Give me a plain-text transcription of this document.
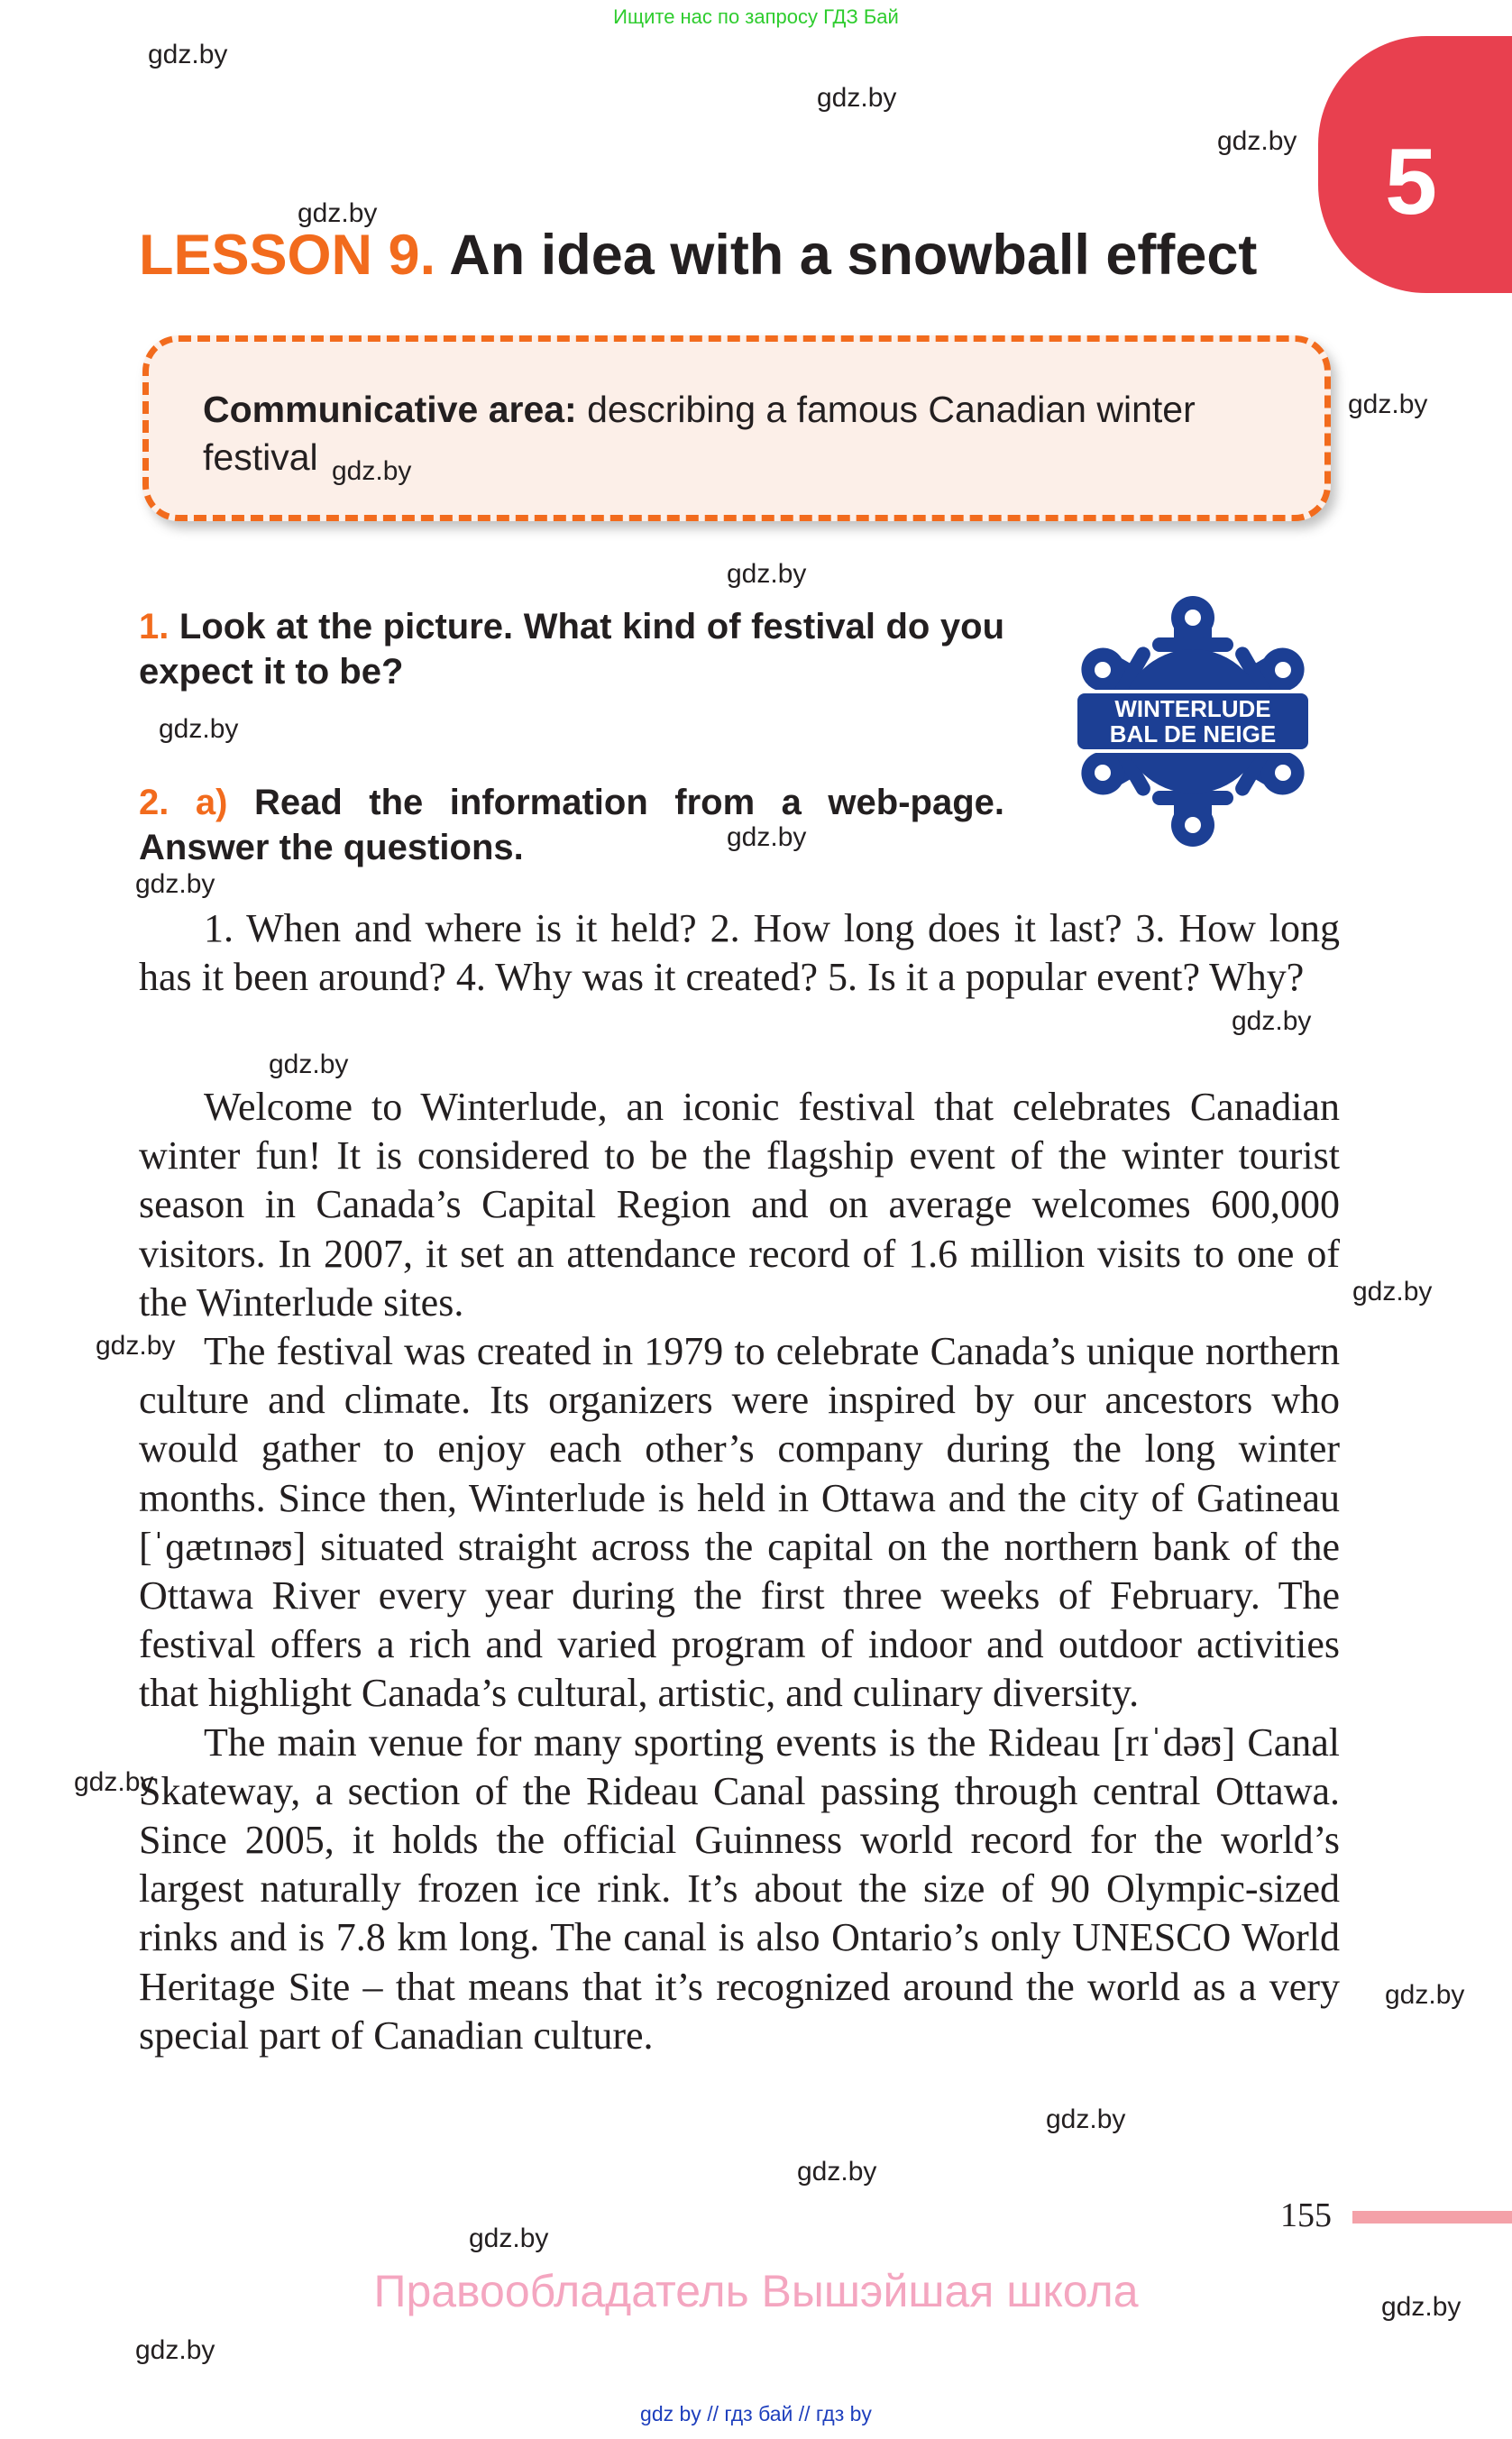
Ищите нас по запросу ГДЗ Бай
5
LESSON 9. An idea with a snowball effect
Communicative area: describing a famous Canadian winter festival
1. Look at the picture. What kind of festival do you expect it to be?
WINTERLUDE
BAL DE NEIGE
2. a) Read the information from a web-page. Answer the questions.

1. When and where is it held? 2. How long does it last? 3. How long has it been around? 4. Why was it created? 5. Is it a popular event? Why?

Welcome to Winterlude, an iconic festival that celebrates Canadian winter fun! It is considered to be the flagship event of the winter tourist season in Canada’s Capital Region and on average welcomes 600,000 visitors. In 2007, it set an attendance record of 1.6 million visits to one of the Winterlude sites.

The festival was created in 1979 to celebrate Canada’s unique northern culture and climate. Its organizers were inspired by our ancestors who would gather to enjoy each other’s company during the long winter months. Since then, Winterlude is held in Ottawa and the city of Gatineau [ˈɡætɪnəʊ] situated straight across the capital on the northern bank of the Ottawa River every year during the first three weeks of February. The festival offers a rich and varied program of indoor and outdoor activities that highlight Canada’s cultural, artistic, and culinary diversity.

The main venue for many sporting events is the Rideau [rɪˈdəʊ] Canal Skateway, a section of the Rideau Canal passing through central Ottawa. Since 2005, it holds the official Guinness world record for the world’s largest naturally frozen ice rink. It’s about the size of 90 Olympic-sized rinks and is 7.8 km long. The canal is also Ontario’s only UNESCO World Heritage Site – that means that it’s recognized around the world as a very special part of Canadian culture.

155
Правообладатель Вышэйшая школа
gdz by // гдз бай // гдз by
gdz.by
gdz.by
gdz.by
gdz.by
gdz.by
gdz.by
gdz.by
gdz.by
gdz.by
gdz.by
gdz.by
gdz.by
gdz.by
gdz.by
gdz.by
gdz.by
gdz.by
gdz.by
gdz.by
gdz.by
gdz.by
